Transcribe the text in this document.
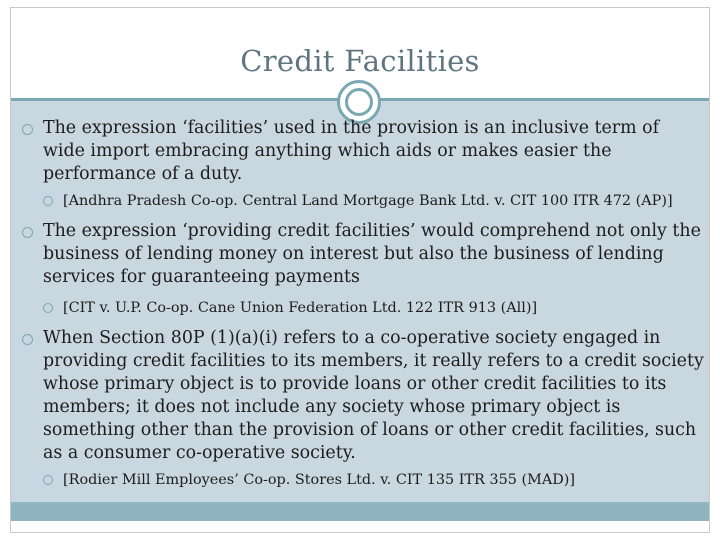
Credit Facilities

The expression ‘facilities’ used in the provision is an inclusive term of wide import embracing anything which aids or makes easier the performance of a duty.

[Andhra Pradesh Co-op. Central Land Mortgage Bank Ltd. v. CIT 100 ITR 472 (AP)]

The expression ‘providing credit facilities’ would comprehend not only the business of lending money on interest but also the business of lending services for guaranteeing payments

[CIT v. U.P. Co-op. Cane Union Federation Ltd. 122 ITR 913 (All)]

When Section 80P (1)(a)(i) refers to a co-operative society engaged in providing credit facilities to its members, it really refers to a credit society whose primary object is to provide loans or other credit facilities to its members; it does not include any society whose primary object is something other than the provision of loans or other credit facilities, such as a consumer co-operative society.

[Rodier Mill Employees’ Co-op. Stores Ltd. v. CIT 135 ITR 355 (MAD)]
